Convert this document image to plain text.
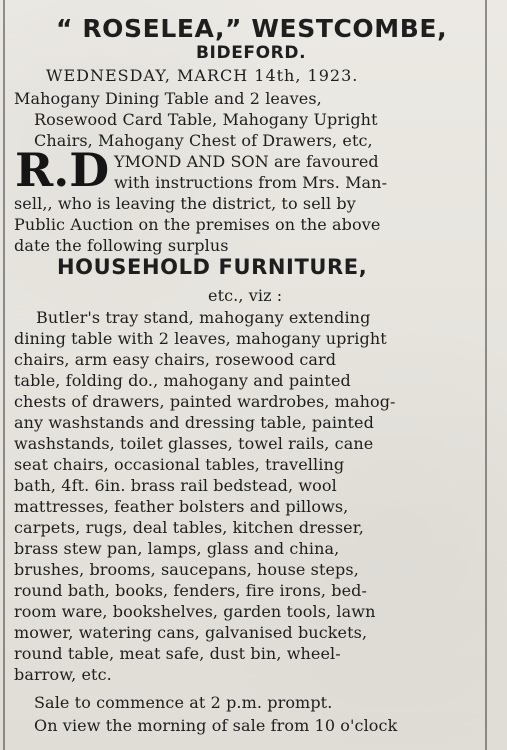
“ ROSELEA,” WESTCOMBE,
BIDEFORD.
WEDNESDAY, MARCH 14th, 1923.
Mahogany Dining Table and 2 leaves,
Rosewood Card Table, Mahogany Upright
Chairs, Mahogany Chest of Drawers, etc,
R.D YMOND AND SON are favoured
with instructions from Mrs. Man-
sell,, who is leaving the district, to sell by
Public Auction on the premises on the above
date the following surplus
HOUSEHOLD FURNITURE,
etc., viz :
Butler's tray stand, mahogany extending
dining table with 2 leaves, mahogany upright
chairs, arm easy chairs, rosewood card
table, folding do., mahogany and painted
chests of drawers, painted wardrobes, mahog-
any washstands and dressing table, painted
washstands, toilet glasses, towel rails, cane
seat chairs, occasional tables, travelling
bath, 4ft. 6in. brass rail bedstead, wool
mattresses, feather bolsters and pillows,
carpets, rugs, deal tables, kitchen dresser,
brass stew pan, lamps, glass and china,
brushes, brooms, saucepans, house steps,
round bath, books, fenders, fire irons, bed-
room ware, bookshelves, garden tools, lawn
mower, watering cans, galvanised buckets,
round table, meat safe, dust bin, wheel-
barrow, etc.
Sale to commence at 2 p.m. prompt.
On view the morning of sale from 10 o'clock
